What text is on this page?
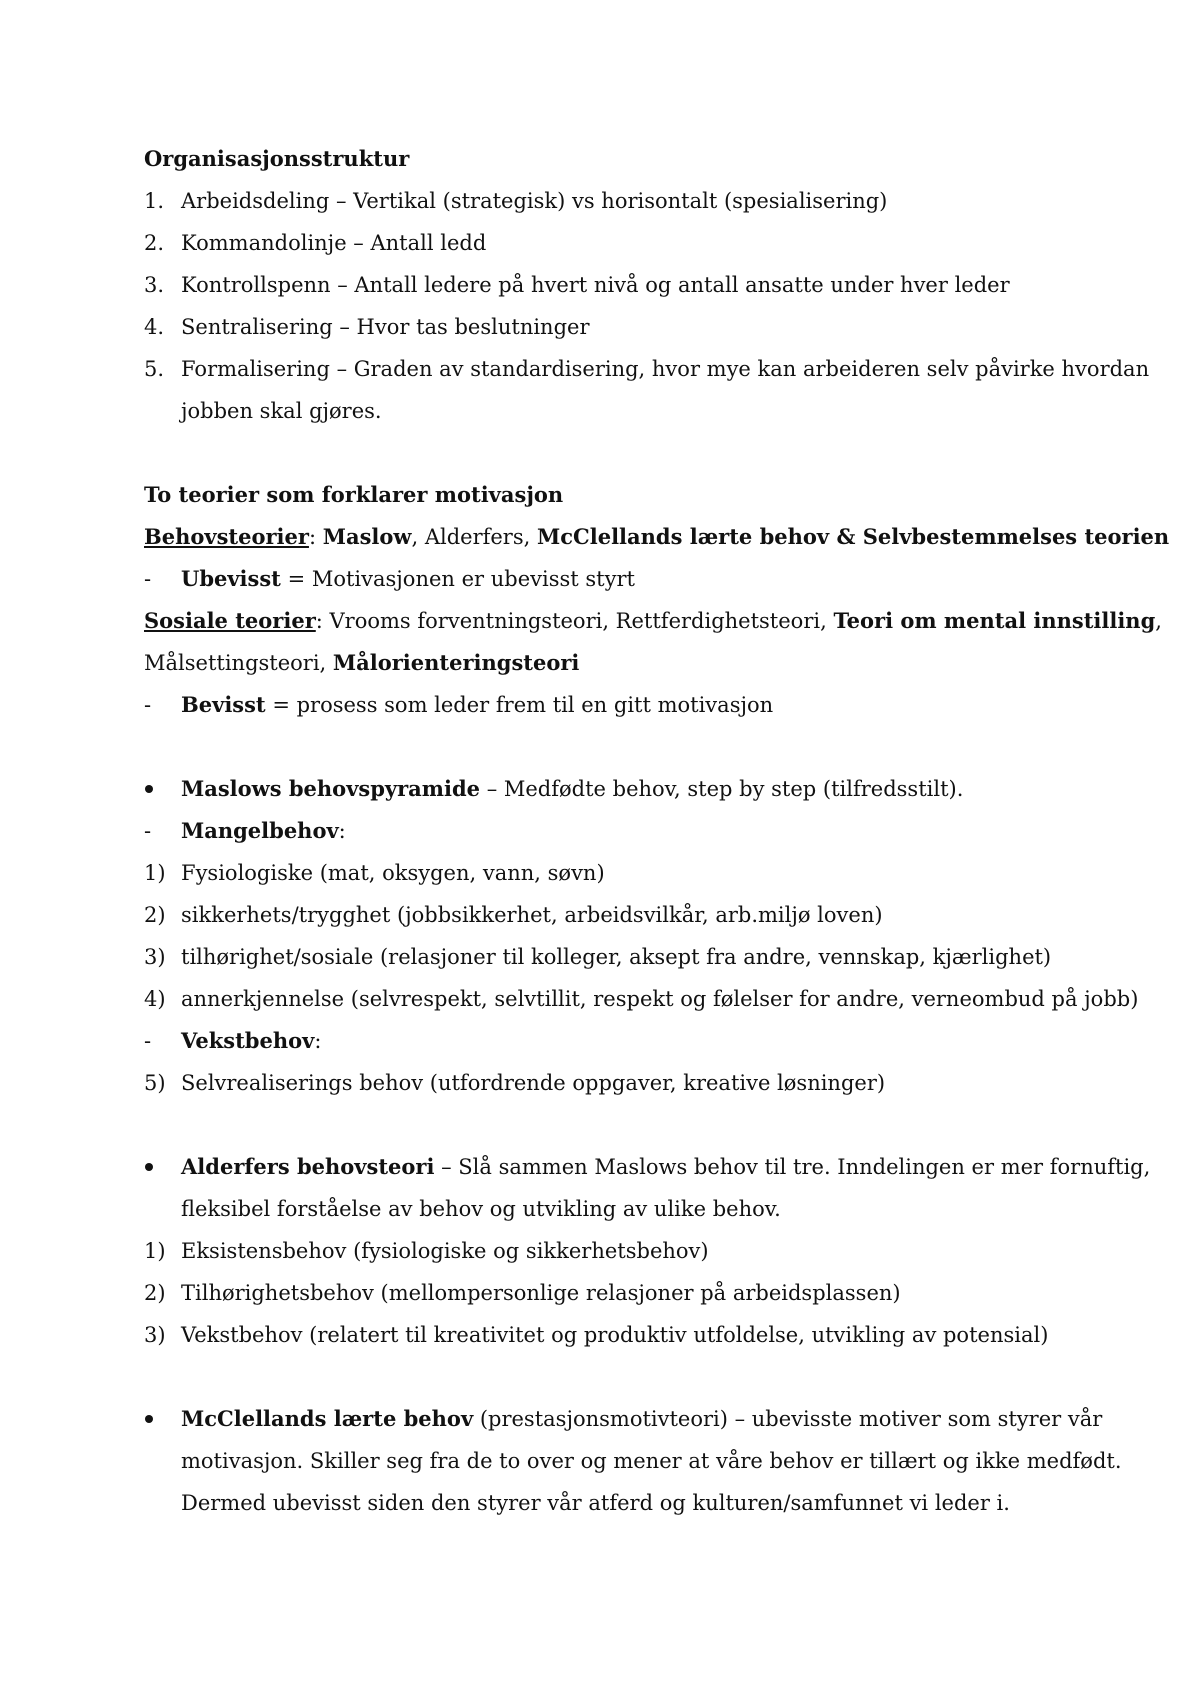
Organisasjonsstruktur
1. Arbeidsdeling – Vertikal (strategisk) vs horisontalt (spesialisering)
2. Kommandolinje – Antall ledd
3. Kontrollspenn – Antall ledere på hvert nivå og antall ansatte under hver leder
4. Sentralisering – Hvor tas beslutninger
5. Formalisering – Graden av standardisering, hvor mye kan arbeideren selv påvirke hvordan
jobben skal gjøres.
To teorier som forklarer motivasjon
Behovsteorier: Maslow, Alderfers, McClellands lærte behov & Selvbestemmelses teorien
- Ubevisst = Motivasjonen er ubevisst styrt
Sosiale teorier: Vrooms forventningsteori, Rettferdighetsteori, Teori om mental innstilling,
Målsettingsteori, Målorienteringsteori
- Bevisst = prosess som leder frem til en gitt motivasjon
Maslows behovspyramide – Medfødte behov, step by step (tilfredsstilt).
- Mangelbehov:
1) Fysiologiske (mat, oksygen, vann, søvn)
2) sikkerhets/trygghet (jobbsikkerhet, arbeidsvilkår, arb.miljø loven)
3) tilhørighet/sosiale (relasjoner til kolleger, aksept fra andre, vennskap, kjærlighet)
4) annerkjennelse (selvrespekt, selvtillit, respekt og følelser for andre, verneombud på jobb)
- Vekstbehov:
5) Selvrealiserings behov (utfordrende oppgaver, kreative løsninger)
Alderfers behovsteori – Slå sammen Maslows behov til tre. Inndelingen er mer fornuftig,
fleksibel forståelse av behov og utvikling av ulike behov.
1) Eksistensbehov (fysiologiske og sikkerhetsbehov)
2) Tilhørighetsbehov (mellompersonlige relasjoner på arbeidsplassen)
3) Vekstbehov (relatert til kreativitet og produktiv utfoldelse, utvikling av potensial)
McClellands lærte behov (prestasjonsmotivteori) – ubevisste motiver som styrer vår
motivasjon. Skiller seg fra de to over og mener at våre behov er tillært og ikke medfødt.
Dermed ubevisst siden den styrer vår atferd og kulturen/samfunnet vi leder i.
